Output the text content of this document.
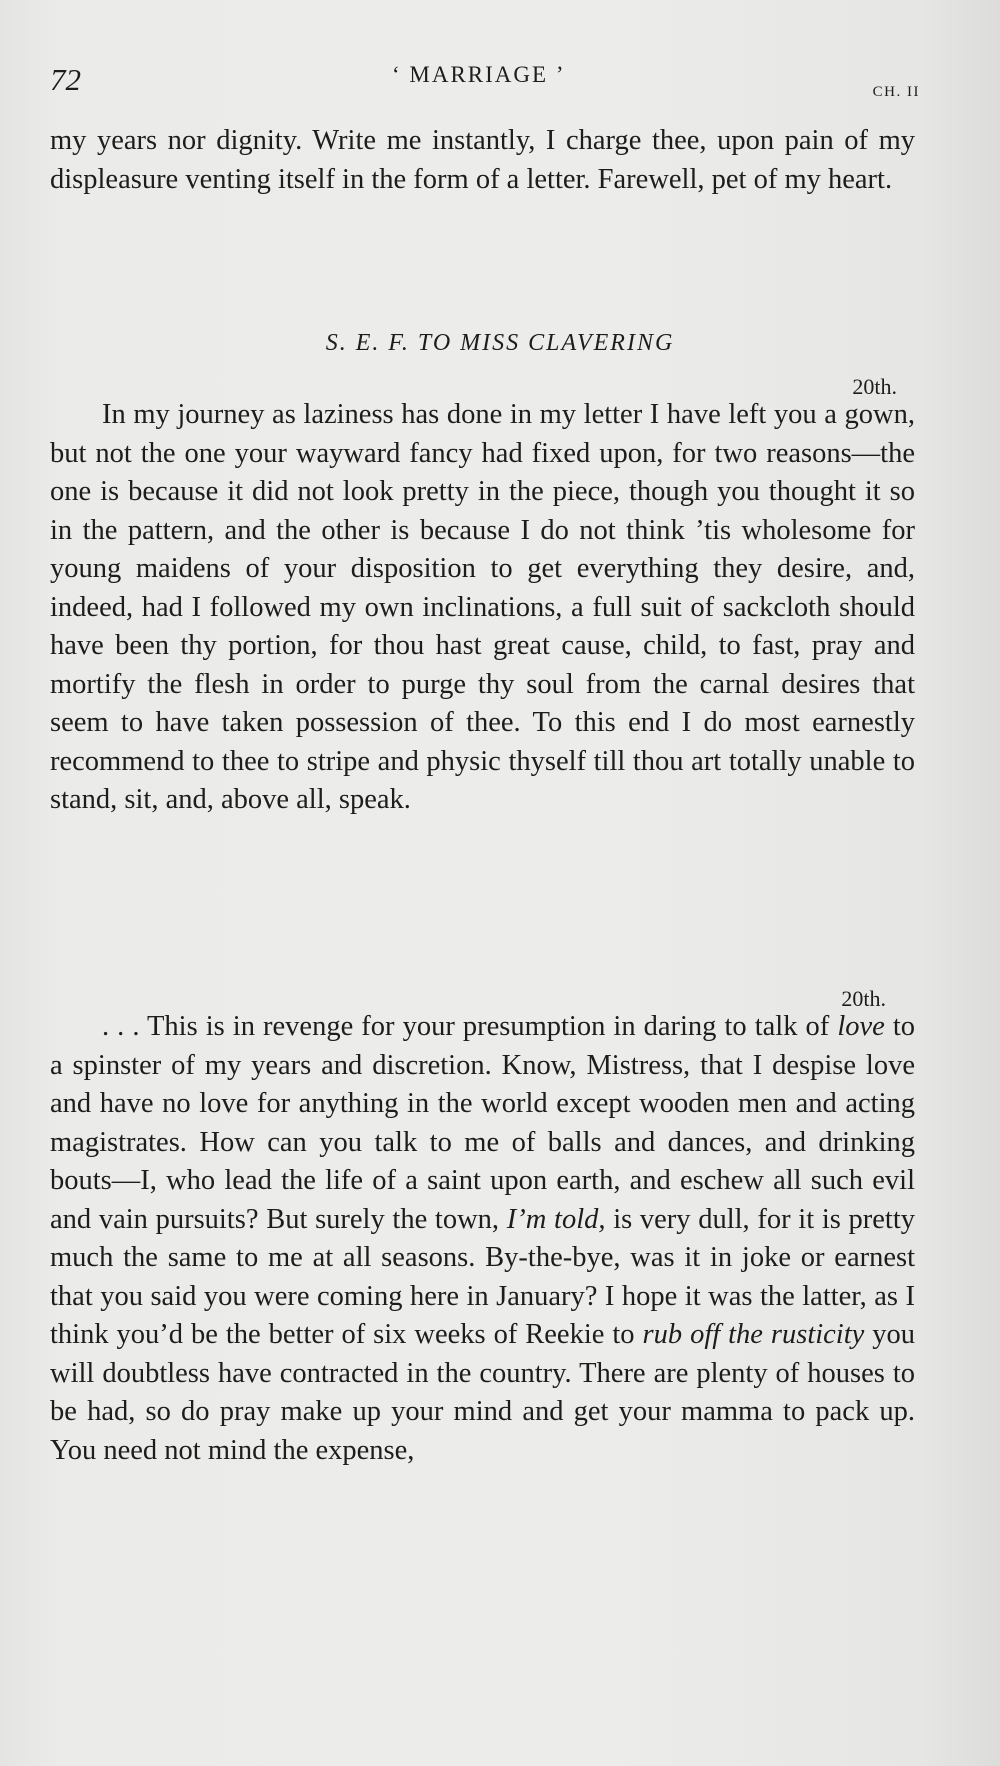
72	‘ MARRIAGE ’
CH. II

my years nor dignity. Write me instantly, I charge thee, upon pain of my displeasure venting itself in the form of a letter. Farewell, pet of my heart.

S. E. F. TO MISS CLAVERING
20th.

In my journey as laziness has done in my letter I have left you a gown, but not the one your wayward fancy had fixed upon, for two reasons—the one is because it did not look pretty in the piece, though you thought it so in the pattern, and the other is because I do not think ’tis wholesome for young maidens of your disposition to get everything they desire, and, indeed, had I followed my own inclinations, a full suit of sackcloth should have been thy portion, for thou hast great cause, child, to fast, pray and mortify the flesh in order to purge thy soul from the carnal desires that seem to have taken possession of thee. To this end I do most earnestly recommend to thee to stripe and physic thyself till thou art totally unable to stand, sit, and, above all, speak.

20th.

. . . This is in revenge for your presumption in daring to talk of love to a spinster of my years and discretion. Know, Mistress, that I despise love and have no love for anything in the world except wooden men and acting magistrates. How can you talk to me of balls and dances, and drinking bouts—I, who lead the life of a saint upon earth, and eschew all such evil and vain pursuits? But surely the town, I’m told, is very dull, for it is pretty much the same to me at all seasons. By-the-bye, was it in joke or earnest that you said you were coming here in January? I hope it was the latter, as I think you’d be the better of six weeks of Reekie to rub off the rusticity you will doubtless have contracted in the country. There are plenty of houses to be had, so do pray make up your mind and get your mamma to pack up. You need not mind the expense,
